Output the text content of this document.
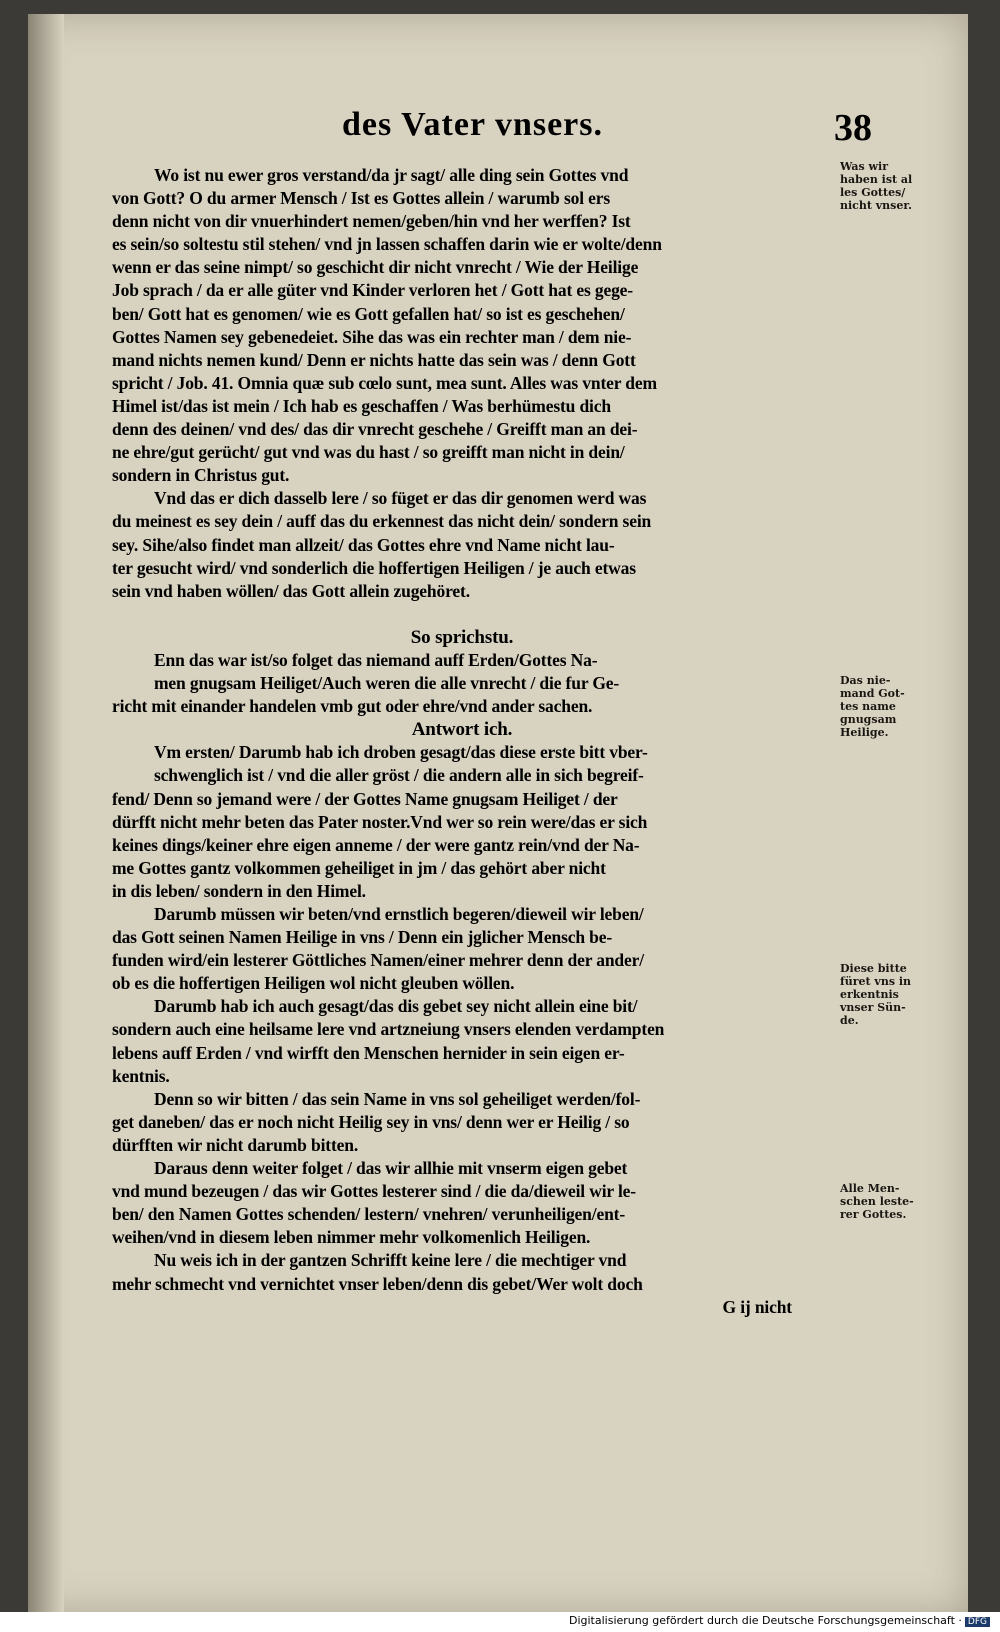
des Vater vnsers.	38
Wo ist nu ewer gros verstand/da jr sagt/ alle ding sein Gottes vnd
von Gott? O du armer Mensch / Ist es Gottes allein / warumb sol ers
denn nicht von dir vnuerhindert nemen/geben/hin vnd her werffen? Ist
es sein/so soltestu stil stehen/ vnd jn lassen schaffen darin wie er wolte/denn
wenn er das seine nimpt/ so geschicht dir nicht vnrecht / Wie der Heilige
Job sprach / da er alle güter vnd Kinder verloren het / Gott hat es gege-
ben/ Gott hat es genomen/ wie es Gott gefallen hat/ so ist es geschehen/
Gottes Namen sey gebenedeiet. Sihe das was ein rechter man / dem nie-
mand nichts nemen kund/ Denn er nichts hatte das sein was / denn Gott
spricht / Job. 41. Omnia quæ sub cœlo sunt, mea sunt. Alles was vnter dem
Himel ist/das ist mein / Ich hab es geschaffen / Was berhümestu dich
denn des deinen/ vnd des/ das dir vnrecht geschehe / Greifft man an dei-
ne ehre/gut gerücht/ gut vnd was du hast / so greifft man nicht in dein/
sondern in Christus gut.
Vnd das er dich dasselb lere / so füget er das dir genomen werd was
du meinest es sey dein / auff das du erkennest das nicht dein/ sondern sein
sey. Sihe/also findet man allzeit/ das Gottes ehre vnd Name nicht lau-
ter gesucht wird/ vnd sonderlich die hoffertigen Heiligen / je auch etwas
sein vnd haben wöllen/ das Gott allein zugehöret.
So sprichstu.
Enn das war ist/so folget das niemand auff Erden/Gottes Na-
men gnugsam Heiliget/Auch weren die alle vnrecht / die fur Ge-
richt mit einander handelen vmb gut oder ehre/vnd ander sachen.
Antwort ich.
Vm ersten/ Darumb hab ich droben gesagt/das diese erste bitt vber-
schwenglich ist / vnd die aller gröst / die andern alle in sich begreif-
fend/ Denn so jemand were / der Gottes Name gnugsam Heiliget / der
dürfft nicht mehr beten das Pater noster.Vnd wer so rein were/das er sich
keines dings/keiner ehre eigen anneme / der were gantz rein/vnd der Na-
me Gottes gantz volkommen geheiliget in jm / das gehört aber nicht
in dis leben/ sondern in den Himel.
Darumb müssen wir beten/vnd ernstlich begeren/dieweil wir leben/
das Gott seinen Namen Heilige in vns / Denn ein jglicher Mensch be-
funden wird/ein lesterer Göttliches Namen/einer mehrer denn der ander/
ob es die hoffertigen Heiligen wol nicht gleuben wöllen.
Darumb hab ich auch gesagt/das dis gebet sey nicht allein eine bit/
sondern auch eine heilsame lere vnd artzneiung vnsers elenden verdampten
lebens auff Erden / vnd wirfft den Menschen hernider in sein eigen er-
kentnis.
Denn so wir bitten / das sein Name in vns sol geheiliget werden/fol-
get daneben/ das er noch nicht Heilig sey in vns/ denn wer er Heilig / so
dürfften wir nicht darumb bitten.
Daraus denn weiter folget / das wir allhie mit vnserm eigen gebet
vnd mund bezeugen / das wir Gottes lesterer sind / die da/dieweil wir le-
ben/ den Namen Gottes schenden/ lestern/ vnehren/ verunheiligen/ent-
weihen/vnd in diesem leben nimmer mehr volkomenlich Heiligen.
Nu weis ich in der gantzen Schrifft keine lere / die mechtiger vnd
mehr schmecht vnd vernichtet vnser leben/denn dis gebet/Wer wolt doch
G ij nicht
Was wir haben ist al les Gottes/ nicht vnser.
Das nie- mand Got- tes name gnugsam Heilige.
Diese bitte füret vns in erkentnis vnser Sün- de.
Alle Men- schen leste- rer Gottes.
Digitalisierung gefördert durch die Deutsche Forschungsgemeinschaft · DFG
